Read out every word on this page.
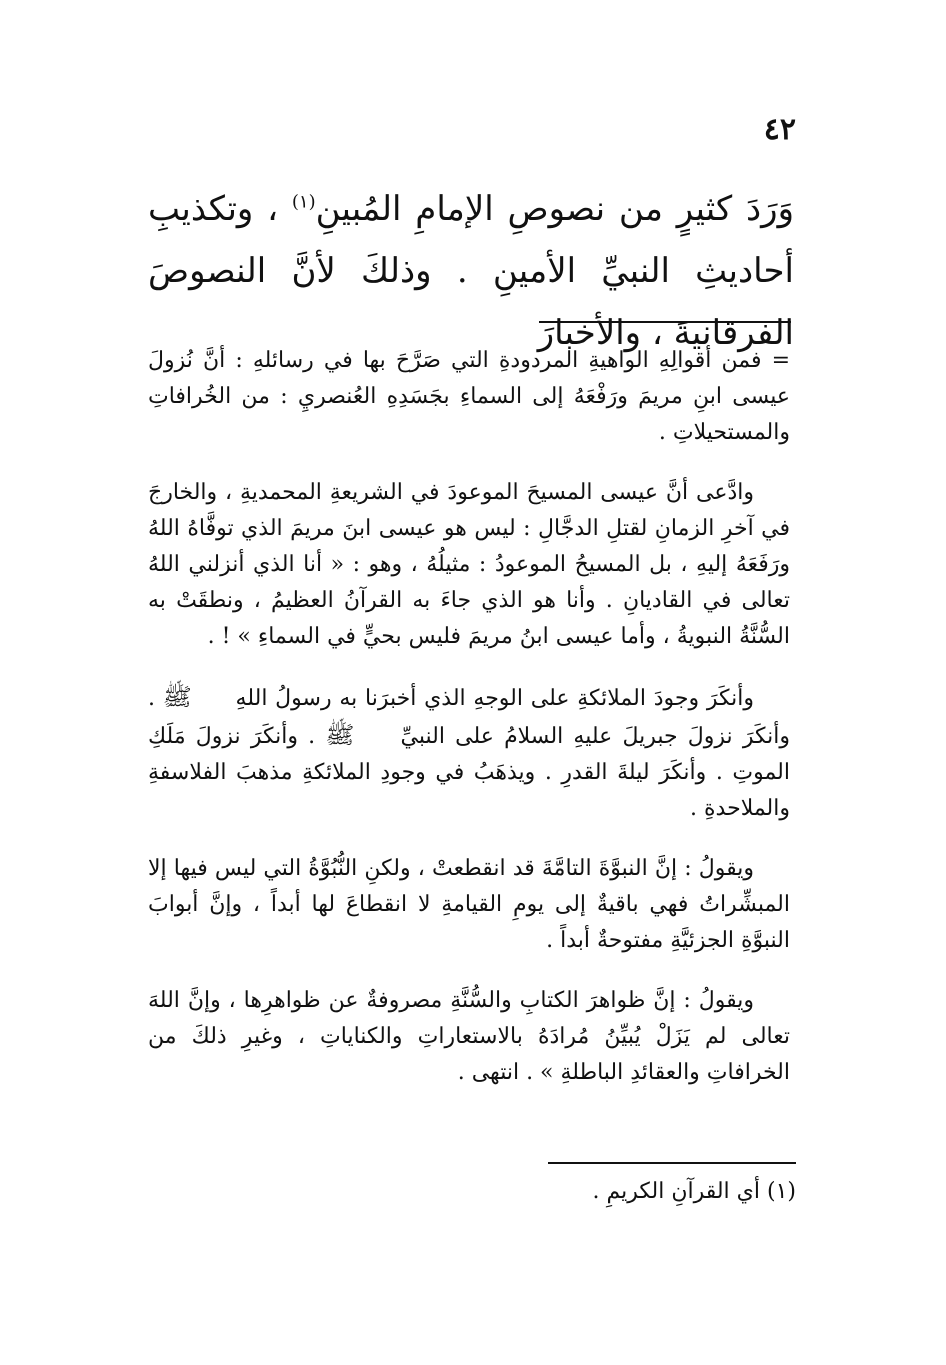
٤٢
وَرَدَ كثيرٍ من نصوصِ الإمامِ المُبينِ$^{(١)}$ ، وتكذيبِ أحاديثِ النبيِّ الأمينِ . وذلكَ لأنَّ النصوصَ الفرقانيةَ ، والأخبارَ

= فمن أقوالِهِ الواهيةِ المردودةِ التي صَرَّحَ بها في رسائلهِ : أنَّ نُزولَ عيسى ابنِ مريمَ ورَفْعَهُ إلى السماءِ بجَسَدِهِ العُنصريِ : من الخُرافاتِ والمستحيلاتِ .

وادَّعى أنَّ عيسى المسيحَ الموعودَ في الشريعةِ المحمديةِ ، والخارجَ في آخرِ الزمانِ لقتلِ الدجَّالِ : ليس هو عيسى ابنَ مريمَ الذي توفَّاهُ اللهُ ورَفَعَهُ إليهِ ، بل المسيحُ الموعودُ : مثيلُهُ ، وهو : « أنا الذي أنزلني اللهُ تعالى في القاديانِ . وأنا هو الذي جاءَ به القرآنُ العظيمُ ، ونطقَتْ به السُّنَّةُ النبويةُ ، وأما عيسى ابنُ مريمَ فليس بحيٍّ في السماءِ » ! .

وأنكَرَ وجودَ الملائكةِ على الوجهِ الذي أخبرَنا به رسولُ اللهِ ﷺ . وأنكَرَ نزولَ جبريلَ عليهِ السلامُ على النبيِّ ﷺ . وأنكَرَ نزولَ مَلَكِ الموتِ . وأنكَرَ ليلةَ القدرِ . ويذهَبُ في وجودِ الملائكةِ مذهبَ الفلاسفةِ والملاحدةِ .

ويقولُ : إنَّ النبوَّةَ التامَّةَ قد انقطعتْ ، ولكنِ النُّبُوَّةُ التي ليس فيها إلا المبشِّراتُ فهي باقيةٌ إلى يومِ القيامةِ لا انقطاعَ لها أبداً ، وإنَّ أبوابَ النبوَّةِ الجزئيَّةِ مفتوحةٌ أبداً .

ويقولُ : إنَّ ظواهرَ الكتابِ والسُّنَّةِ مصروفةٌ عن ظواهرِها ، وإنَّ اللهَ تعالى لم يَزَلْ يُبيِّنُ مُرادَهُ بالاستعاراتِ والكناياتِ ، وغيرِ ذلكَ من الخرافاتِ والعقائدِ الباطلةِ » . انتهى .

(١) أي القرآنِ الكريمِ .
